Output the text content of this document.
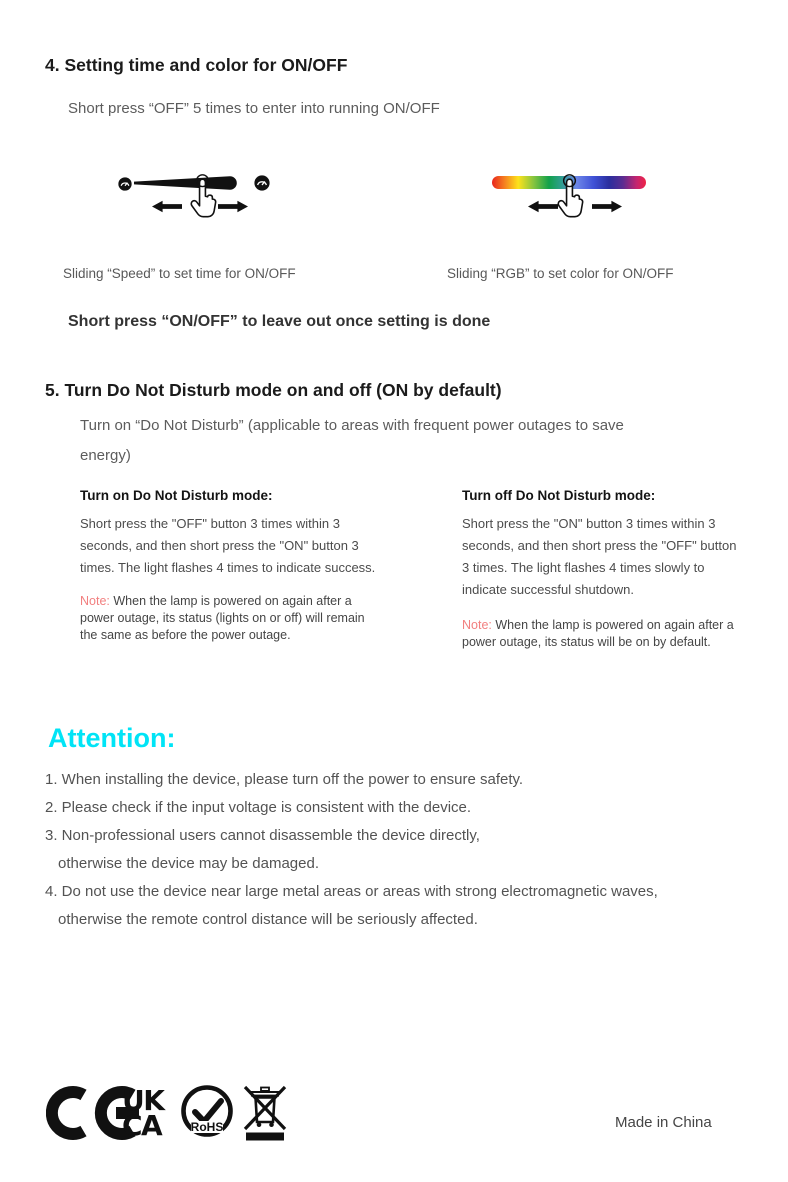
4. Setting time and color for ON/OFF
Short press “OFF” 5 times to enter into running ON/OFF
Sliding “Speed” to set time for ON/OFF	Sliding “RGB” to set color for ON/OFF
Short press “ON/OFF” to leave out once setting is done
5. Turn Do Not Disturb mode on and off (ON by default)
Turn on “Do Not Disturb” (applicable to areas with frequent power outages to save
energy)

Turn on Do Not Disturb mode:

Short press the "OFF" button 3 times within 3 seconds, and then short press the "ON" button 3 times. The light flashes 4 times to indicate success.

Note: When the lamp is powered on again after a power outage, its status (lights on or off) will remain the same as before the power outage.

Turn off Do Not Disturb mode:

Short press the "ON" button 3 times within 3 seconds, and then short press the "OFF" button 3 times. The light flashes 4 times slowly to indicate successful shutdown.

Note: When the lamp is powered on again after a power outage, its status will be on by default.

Attention:
1. When installing the device, please turn off the power to ensure safety.
2. Please check if the input voltage is consistent with the device.
3. Non-professional users cannot disassemble the device directly,
otherwise the device may be damaged.
4. Do not use the device near large metal areas or areas with strong electromagnetic waves,
otherwise the remote control distance will be seriously affected.
UK
CA RoHS	Made in China
